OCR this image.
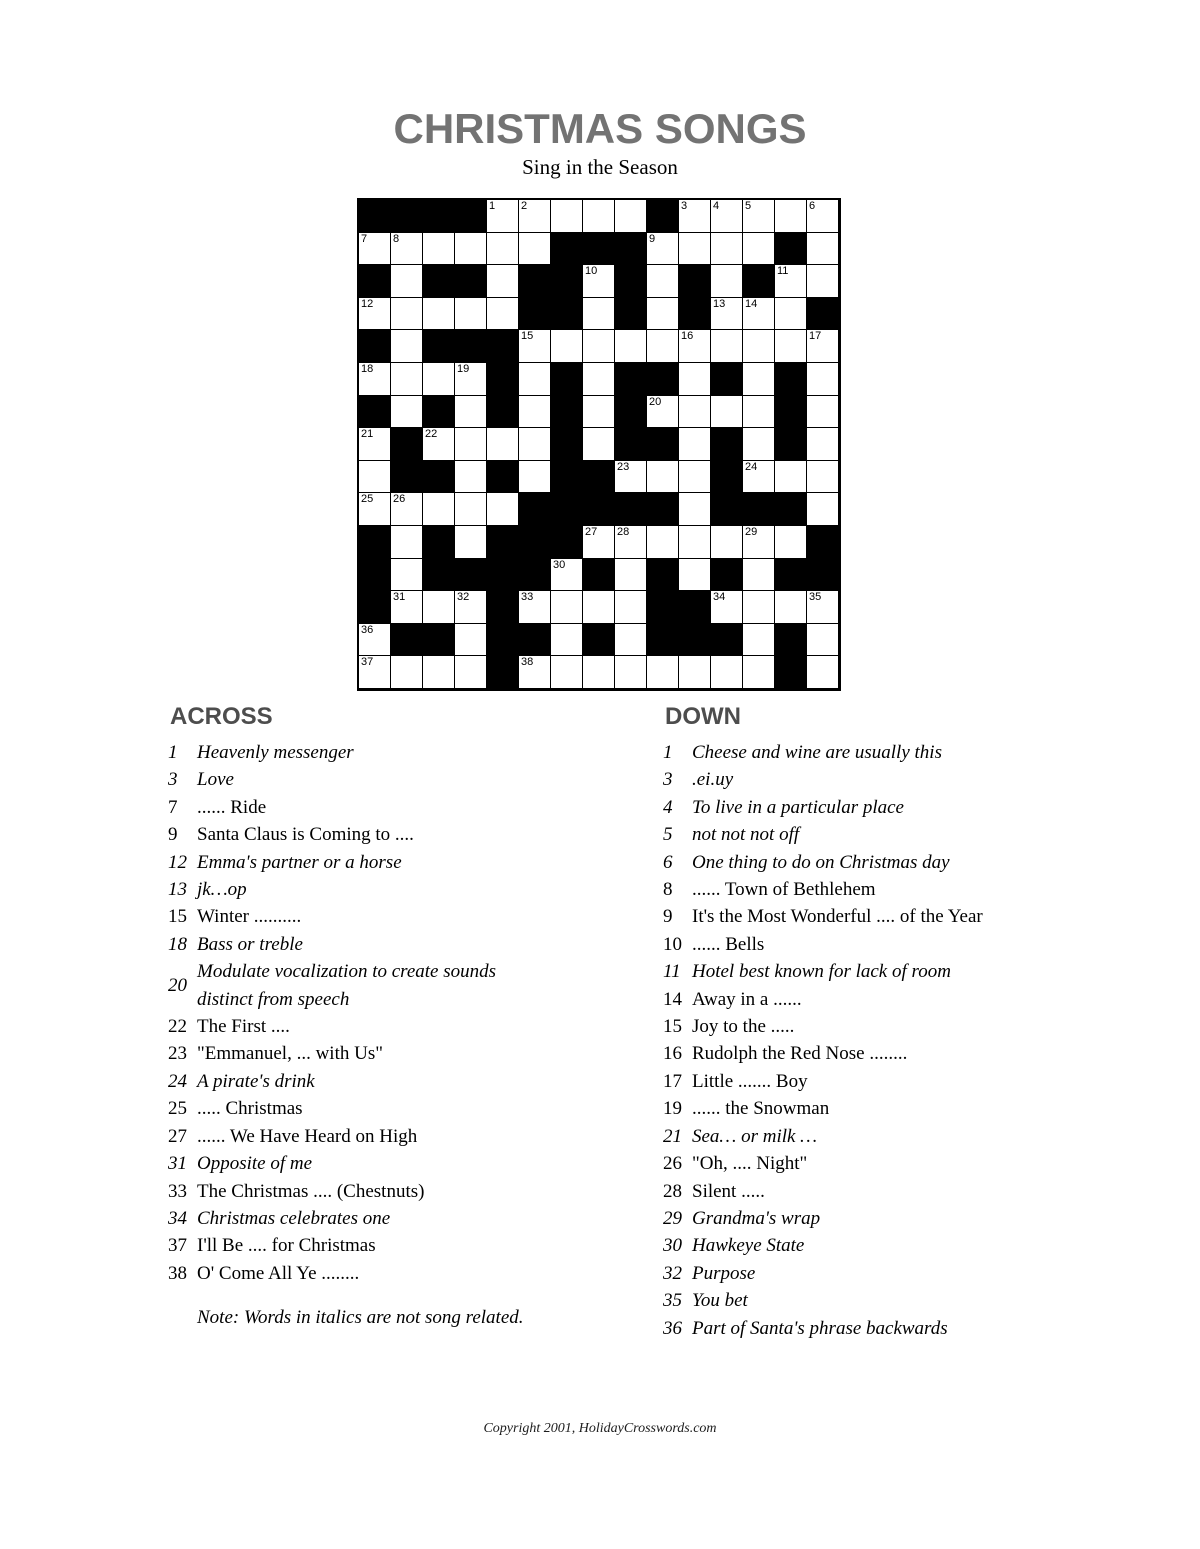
CHRISTMAS SONGS
Sing in the Season
1 2	3 4 5	6
7 8	9
10	11
12	13 14
15	16	17
18	19
20
21	22
23	24
25 26
27 28	29
30
31	32	33	34	35
36
37	38
ACROSS	DOWN
1	Heavenly messenger
3	Love
7	...... Ride
9	Santa Claus is Coming to ....
12 Emma's partner or a horse
13 jk…op
15 Winter ..........
18 Bass or treble
20
Modulate vocalization to create sounds distinct from speech
22 The First ....
23 "Emmanuel, ... with Us"
24 A pirate's drink
25 ..... Christmas
27 ...... We Have Heard on High
31 Opposite of me
33 The Christmas .... (Chestnuts)
34 Christmas celebrates one
37 I'll Be .... for Christmas
38 O' Come All Ye ........
1	Cheese and wine are usually this
3	.ei.uy
4	To live in a particular place
5	not not not off
6	One thing to do on Christmas day
8	...... Town of Bethlehem
9	It's the Most Wonderful .... of the Year
10 ...... Bells
11 Hotel best known for lack of room
14 Away in a ......
15 Joy to the .....
16 Rudolph the Red Nose ........
17 Little ....... Boy
19 ...... the Snowman
21 Sea… or milk …
26 "Oh, .... Night"
28 Silent .....
29 Grandma's wrap
30 Hawkeye State
32 Purpose
35 You bet
36 Part of Santa's phrase backwards
Note: Words in italics are not song related.
Copyright 2001, HolidayCrosswords.com
